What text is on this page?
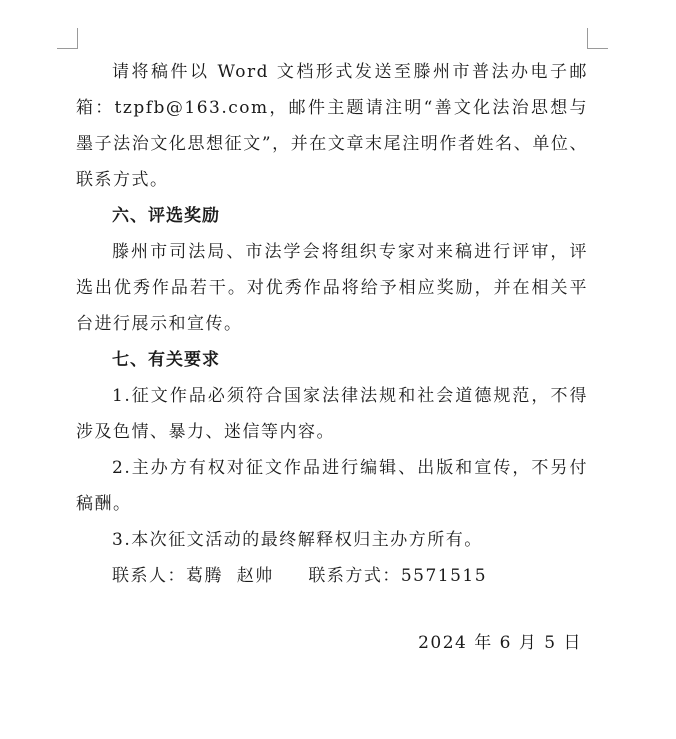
请将稿件以 Word 文档形式发送至滕州市普法办电子邮箱：tzpfb@163.com，邮件主题请注明“善文化法治思想与墨子法治文化思想征文”，并在文章末尾注明作者姓名、单位、联系方式。

六、评选奖励

滕州市司法局、市法学会将组织专家对来稿进行评审，评选出优秀作品若干。对优秀作品将给予相应奖励，并在相关平台进行展示和宣传。

七、有关要求

1.征文作品必须符合国家法律法规和社会道德规范，不得涉及色情、暴力、迷信等内容。

2.主办方有权对征文作品进行编辑、出版和宣传，不另付稿酬。

3.本次征文活动的最终解释权归主办方所有。

联系人：葛腾  赵帅 联系方式：5571515

2024 年 6 月 5 日
